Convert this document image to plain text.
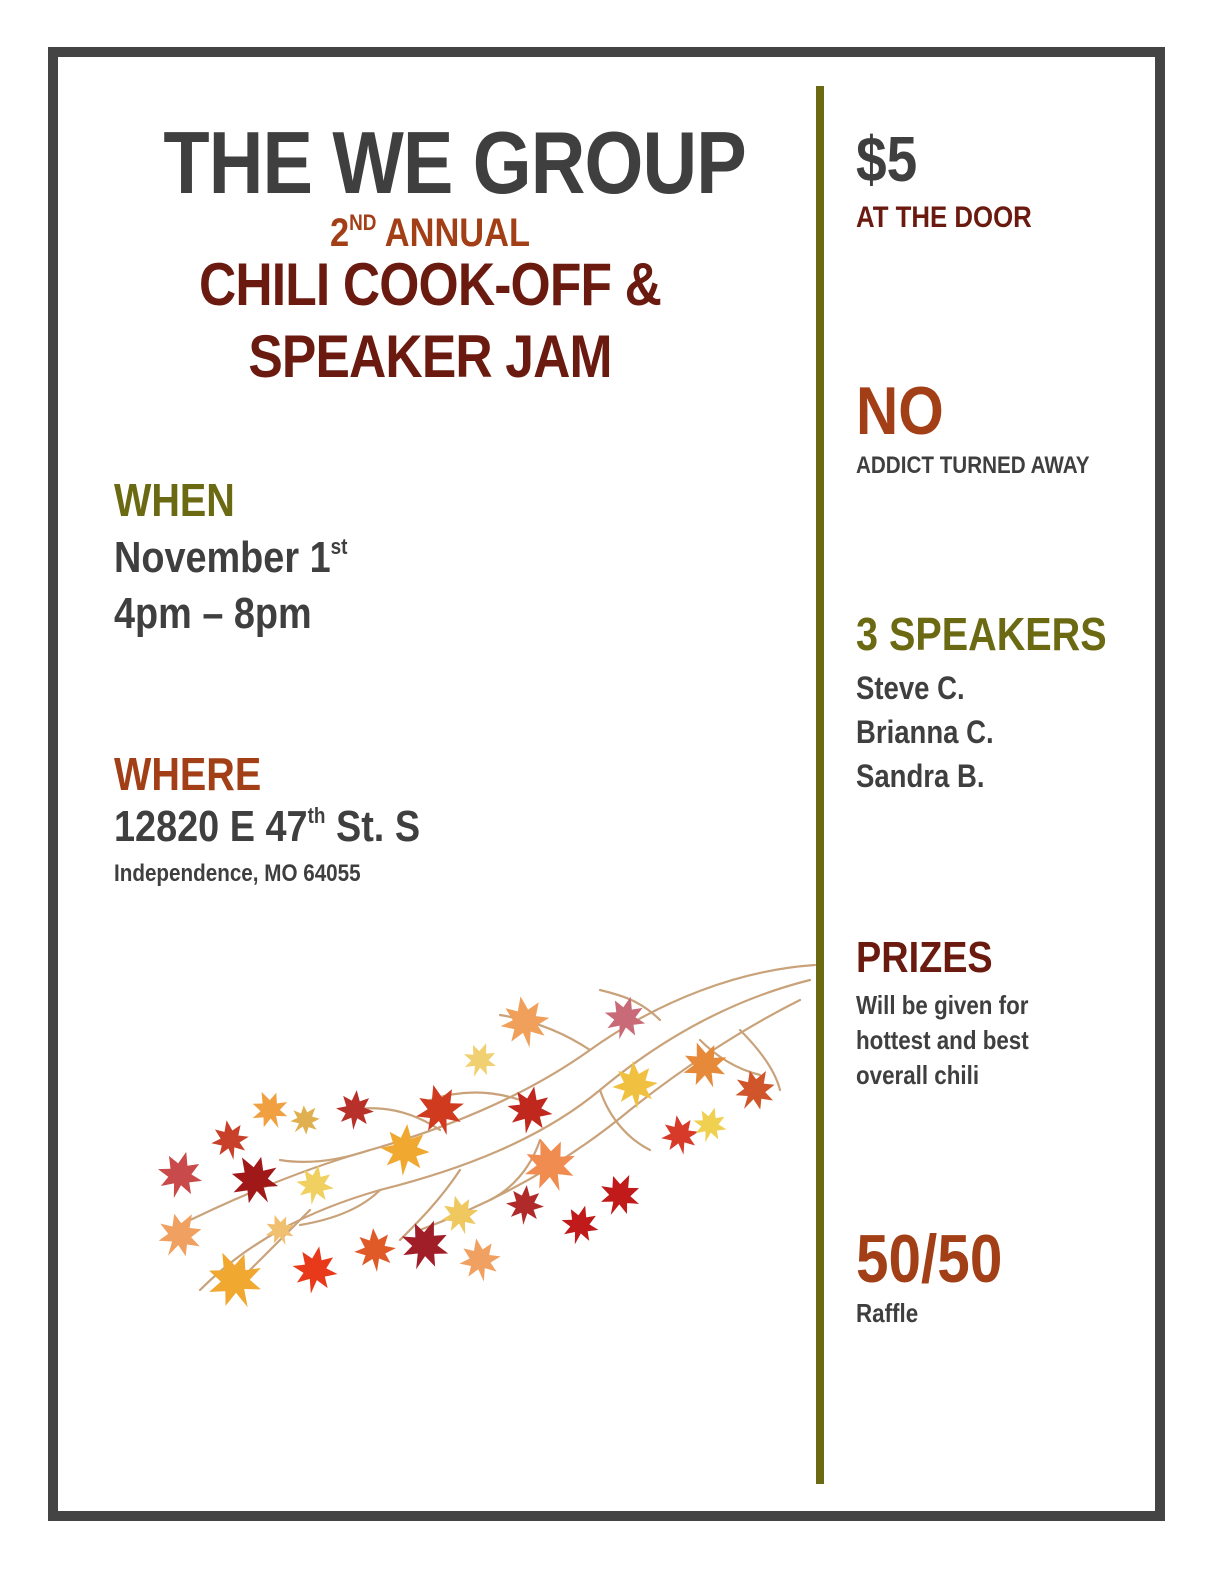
THE WE GROUP
2ND ANNUAL
CHILI COOK-OFF &
SPEAKER JAM
WHEN
November 1st
4pm – 8pm
WHERE
12820 E 47th St. S
Independence, MO 64055
$5
AT THE DOOR
NO
ADDICT TURNED AWAY
3 SPEAKERS
Steve C.
Brianna C.
Sandra B.
PRIZES
Will be given for
hottest and best
overall chili
50/50
Raffle
